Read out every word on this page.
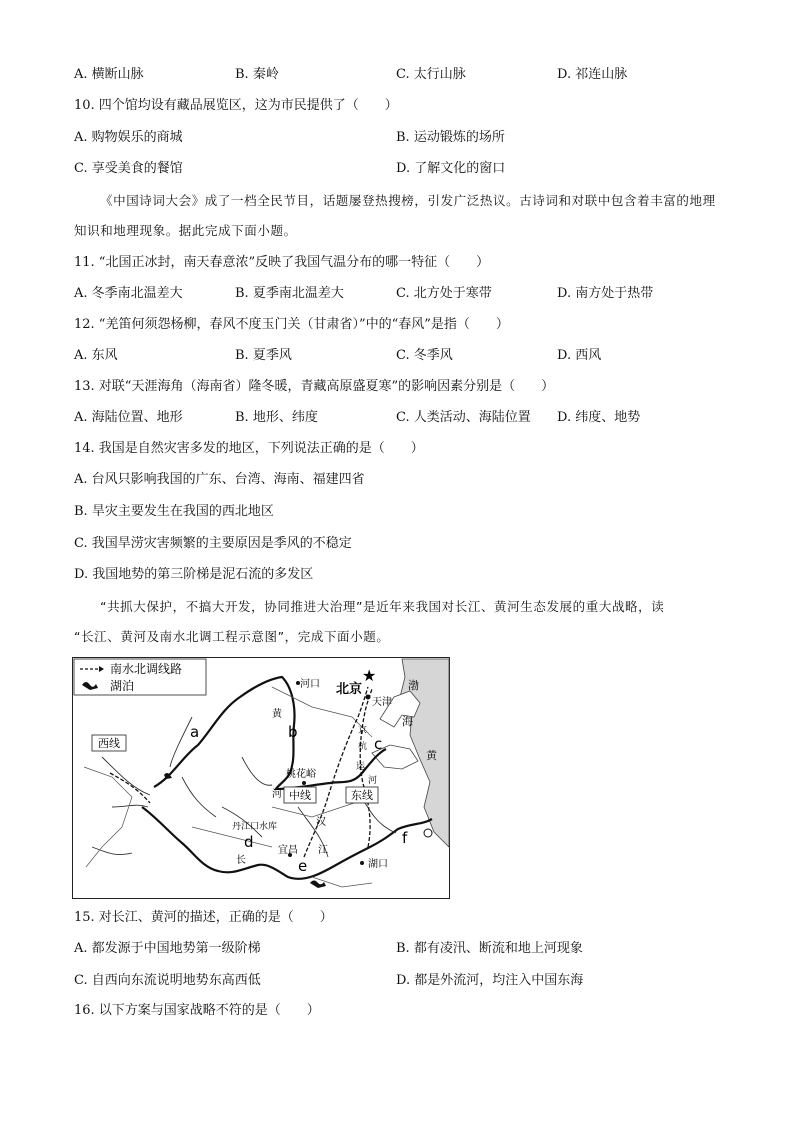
A. 横断山脉	B. 秦岭	C. 太行山脉	D. 祁连山脉
10. 四个馆均设有藏品展览区，这为市民提供了（　　）
A. 购物娱乐的商城	B. 运动锻炼的场所
C. 享受美食的餐馆	D. 了解文化的窗口
《中国诗词大会》成了一档全民节目，话题屡登热搜榜，引发广泛热议。古诗词和对联中包含着丰富的地理知识和地理现象。据此完成下面小题。
11. “北国正冰封，南天春意浓”反映了我国气温分布的哪一特征（　　）
A. 冬季南北温差大	B. 夏季南北温差大	C. 北方处于寒带	D. 南方处于热带
12. “羌笛何须怨杨柳，春风不度玉门关（甘肃省）”中的“春风”是指（　　）
A. 东风	B. 夏季风	C. 冬季风	D. 西风
13. 对联“天涯海角（海南省）隆冬暖，青藏高原盛夏寒”的影响因素分别是（　　）
A. 海陆位置、地形	B. 地形、纬度	C. 人类活动、海陆位置 D. 纬度、地势
14. 我国是自然灾害多发的地区，下列说法正确的是（　　）
A. 台风只影响我国的广东、台湾、海南、福建四省
B. 旱灾主要发生在我国的西北地区
C. 我国旱涝灾害频繁的主要原因是季风的不稳定
D. 我国地势的第三阶梯是泥石流的多发区
“共抓大保护，不搞大开发，协同推进大治理”是近年来我国对长江、黄河生态发展的重大战略，读
“长江、黄河及南水北调工程示意图”，完成下面小题。
南水北调线路
湖泊
西线
中线	东线
★
北京
天津
河口
桃花峪
丹江口水库
宜昌
湖口
渤
海
黄
黄
河
长
江
汉
京
杭
运
河
a	b
c
d
e
f
15. 对长江、黄河的描述，正确的是（　　）
A. 都发源于中国地势第一级阶梯	B. 都有凌汛、断流和地上河现象
C. 自西向东流说明地势东高西低	D. 都是外流河，均注入中国东海
16. 以下方案与国家战略不符的是（　　）
